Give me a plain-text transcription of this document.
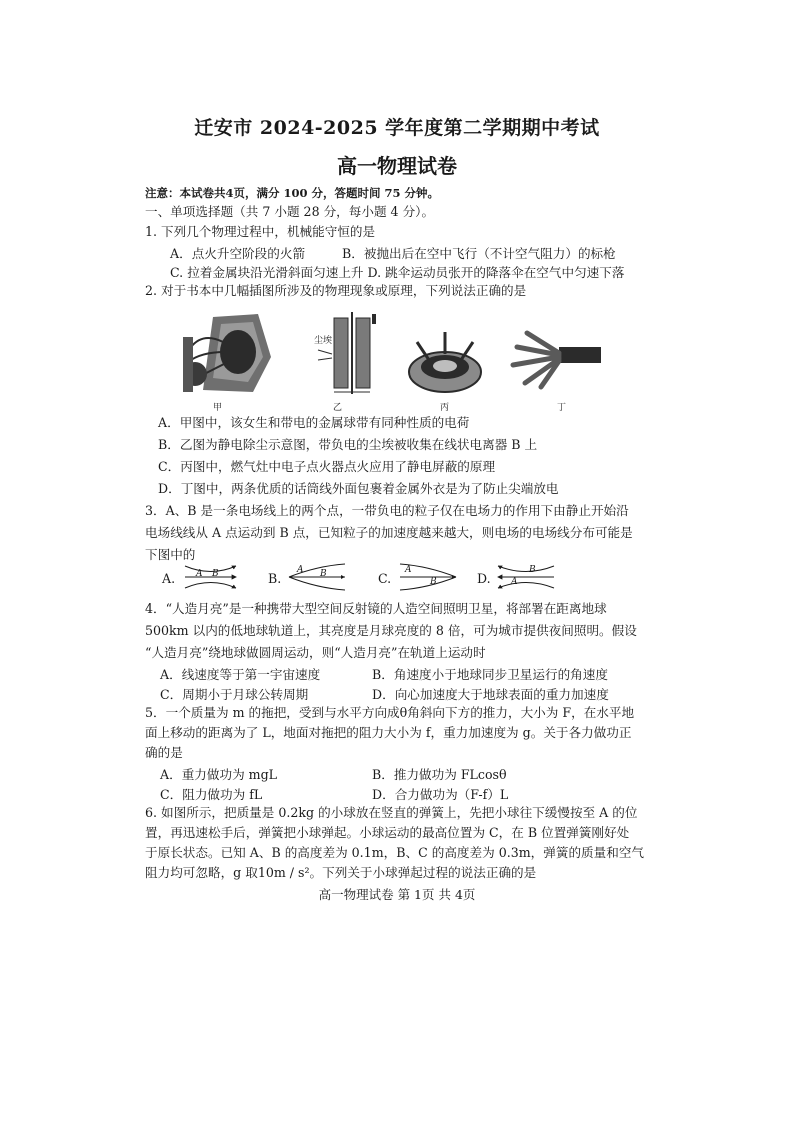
迁安市 2024-2025 学年度第二学期期中考试
高一物理试卷
注意：本试卷共4页，满分 100 分，答题时间 75 分钟。
一、单项选择题（共 7 小题 28 分，每小题 4 分）。
1. 下列几个物理过程中，机械能守恒的是
A．点火升空阶段的火箭	B．被抛出后在空中飞行（不计空气阻力）的标枪
C. 拉着金属块沿光滑斜面匀速上升 D. 跳伞运动员张开的降落伞在空气中匀速下落
2. 对于书本中几幅插图所涉及的物理现象或原理，下列说法正确的是
甲
尘埃
乙	丙	丁
A．甲图中，该女生和带电的金属球带有同种性质的电荷
B．乙图为静电除尘示意图，带负电的尘埃被收集在线状电离器 B 上
C．丙图中，燃气灶中电子点火器点火应用了静电屏蔽的原理
D．丁图中，两条优质的话筒线外面包裹着金属外衣是为了防止尖端放电
3．A、B 是一条电场线上的两个点，一带负电的粒子仅在电场力的作用下由静止开始沿
电场线线从 A 点运动到 B 点，已知粒子的加速度越来越大，则电场的电场线分布可能是
下图中的
A. A B	B.
A B	C.
A
B	D. A
B
4．“人造月亮”是一种携带大型空间反射镜的人造空间照明卫星，将部署在距离地球
500km 以内的低地球轨道上，其亮度是月球亮度的 8 倍，可为城市提供夜间照明。假设
“人造月亮”绕地球做圆周运动，则“人造月亮”在轨道上运动时
A．线速度等于第一宇宙速度	B．角速度小于地球同步卫星运行的角速度
C．周期小于月球公转周期	D．向心加速度大于地球表面的重力加速度
5．一个质量为 m 的拖把，受到与水平方向成θ角斜向下方的推力，大小为 F，在水平地
面上移动的距离为了 L，地面对拖把的阻力大小为 f，重力加速度为 g。关于各力做功正
确的是
A．重力做功为 mgL	B．推力做功为 FLcosθ
C．阻力做功为 fL	D．合力做功为（F-f）L
6. 如图所示，把质量是 0.2kg 的小球放在竖直的弹簧上，先把小球往下缓慢按至 A 的位
置，再迅速松手后，弹簧把小球弹起。小球运动的最高位置为 C，在 B 位置弹簧刚好处
于原长状态。已知 A、B 的高度差为 0.1m，B、C 的高度差为 0.3m，弹簧的质量和空气
阻力均可忽略，g 取10m / s²。下列关于小球弹起过程的说法正确的是
高一物理试卷 第 1页 共 4页
